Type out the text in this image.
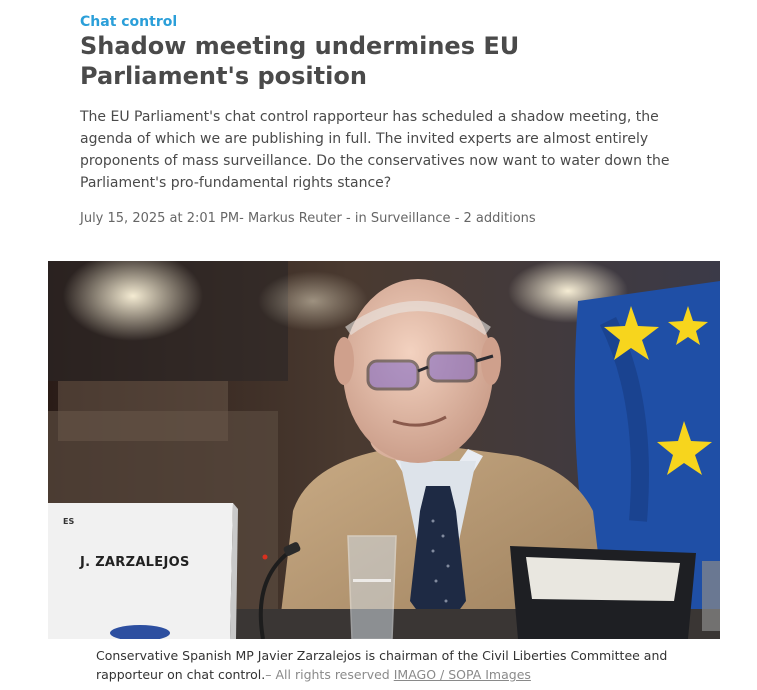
Chat control
Shadow meeting undermines EU Parliament's position

The EU Parliament's chat control rapporteur has scheduled a shadow meeting, the agenda of which we are publishing in full. The invited experts are almost entirely proponents of mass surveillance. Do the conservatives now want to water down the Parliament's pro-fundamental rights stance?

July 15, 2025 at 2:01 PM- Markus Reuter - in Surveillance - 2 additions
ES
J. ZARZALEJOS

Conservative Spanish MP Javier Zarzalejos is chairman of the Civil Liberties Committee and rapporteur on chat control.– All rights reserved IMAGO / SOPA Images
